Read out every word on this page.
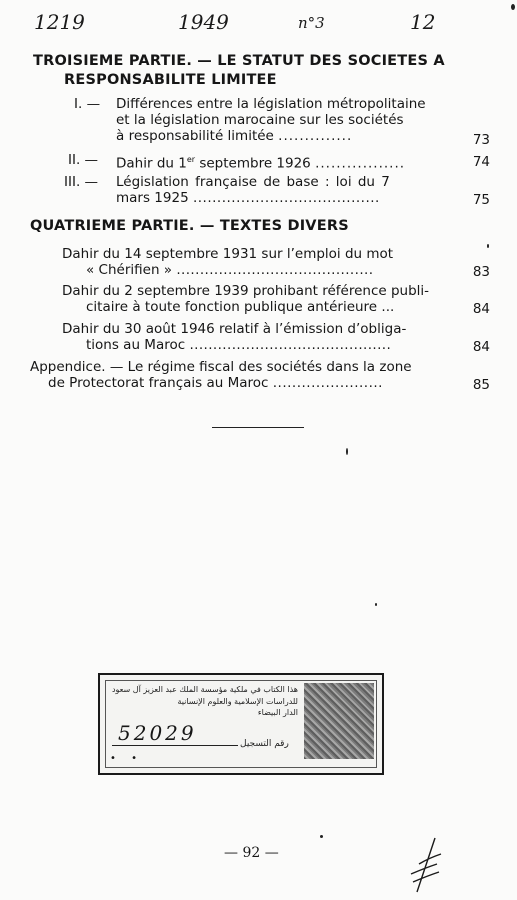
1219	1949	n°3	12
TROISIEME PARTIE. — LE STATUT DES SOCIETES A
RESPONSABILITE LIMITEE
I. — Différences entre la législation métropolitaine
et la législation marocaine sur les sociétés
à responsabilité limitée ..............	73
II. — Dahir du 1er septembre 1926 .................	74
III. — Législation française de base : loi du 7
mars 1925 .......................................	75
QUATRIEME PARTIE. — TEXTES DIVERS
Dahir du 14 septembre 1931 sur l’emploi du mot
« Chérifien » ..........................................	83
Dahir du 2 septembre 1939 prohibant référence publi-
citaire à toute fonction publique antérieure ...	84
Dahir du 30 août 1946 relatif à l’émission d’obliga-
tions au Maroc ...........................................	84
Appendice. — Le régime fiscal des sociétés dans la zone
de Protectorat français au Maroc .......................	85
هذا الكتاب في ملكية مؤسسة الملك عبد العزيز آل سعود
للدراسات الإسلامية والعلوم الإنسانية
الدار البيضاء
رقم التسجيل
52029
• •
— 92 —
